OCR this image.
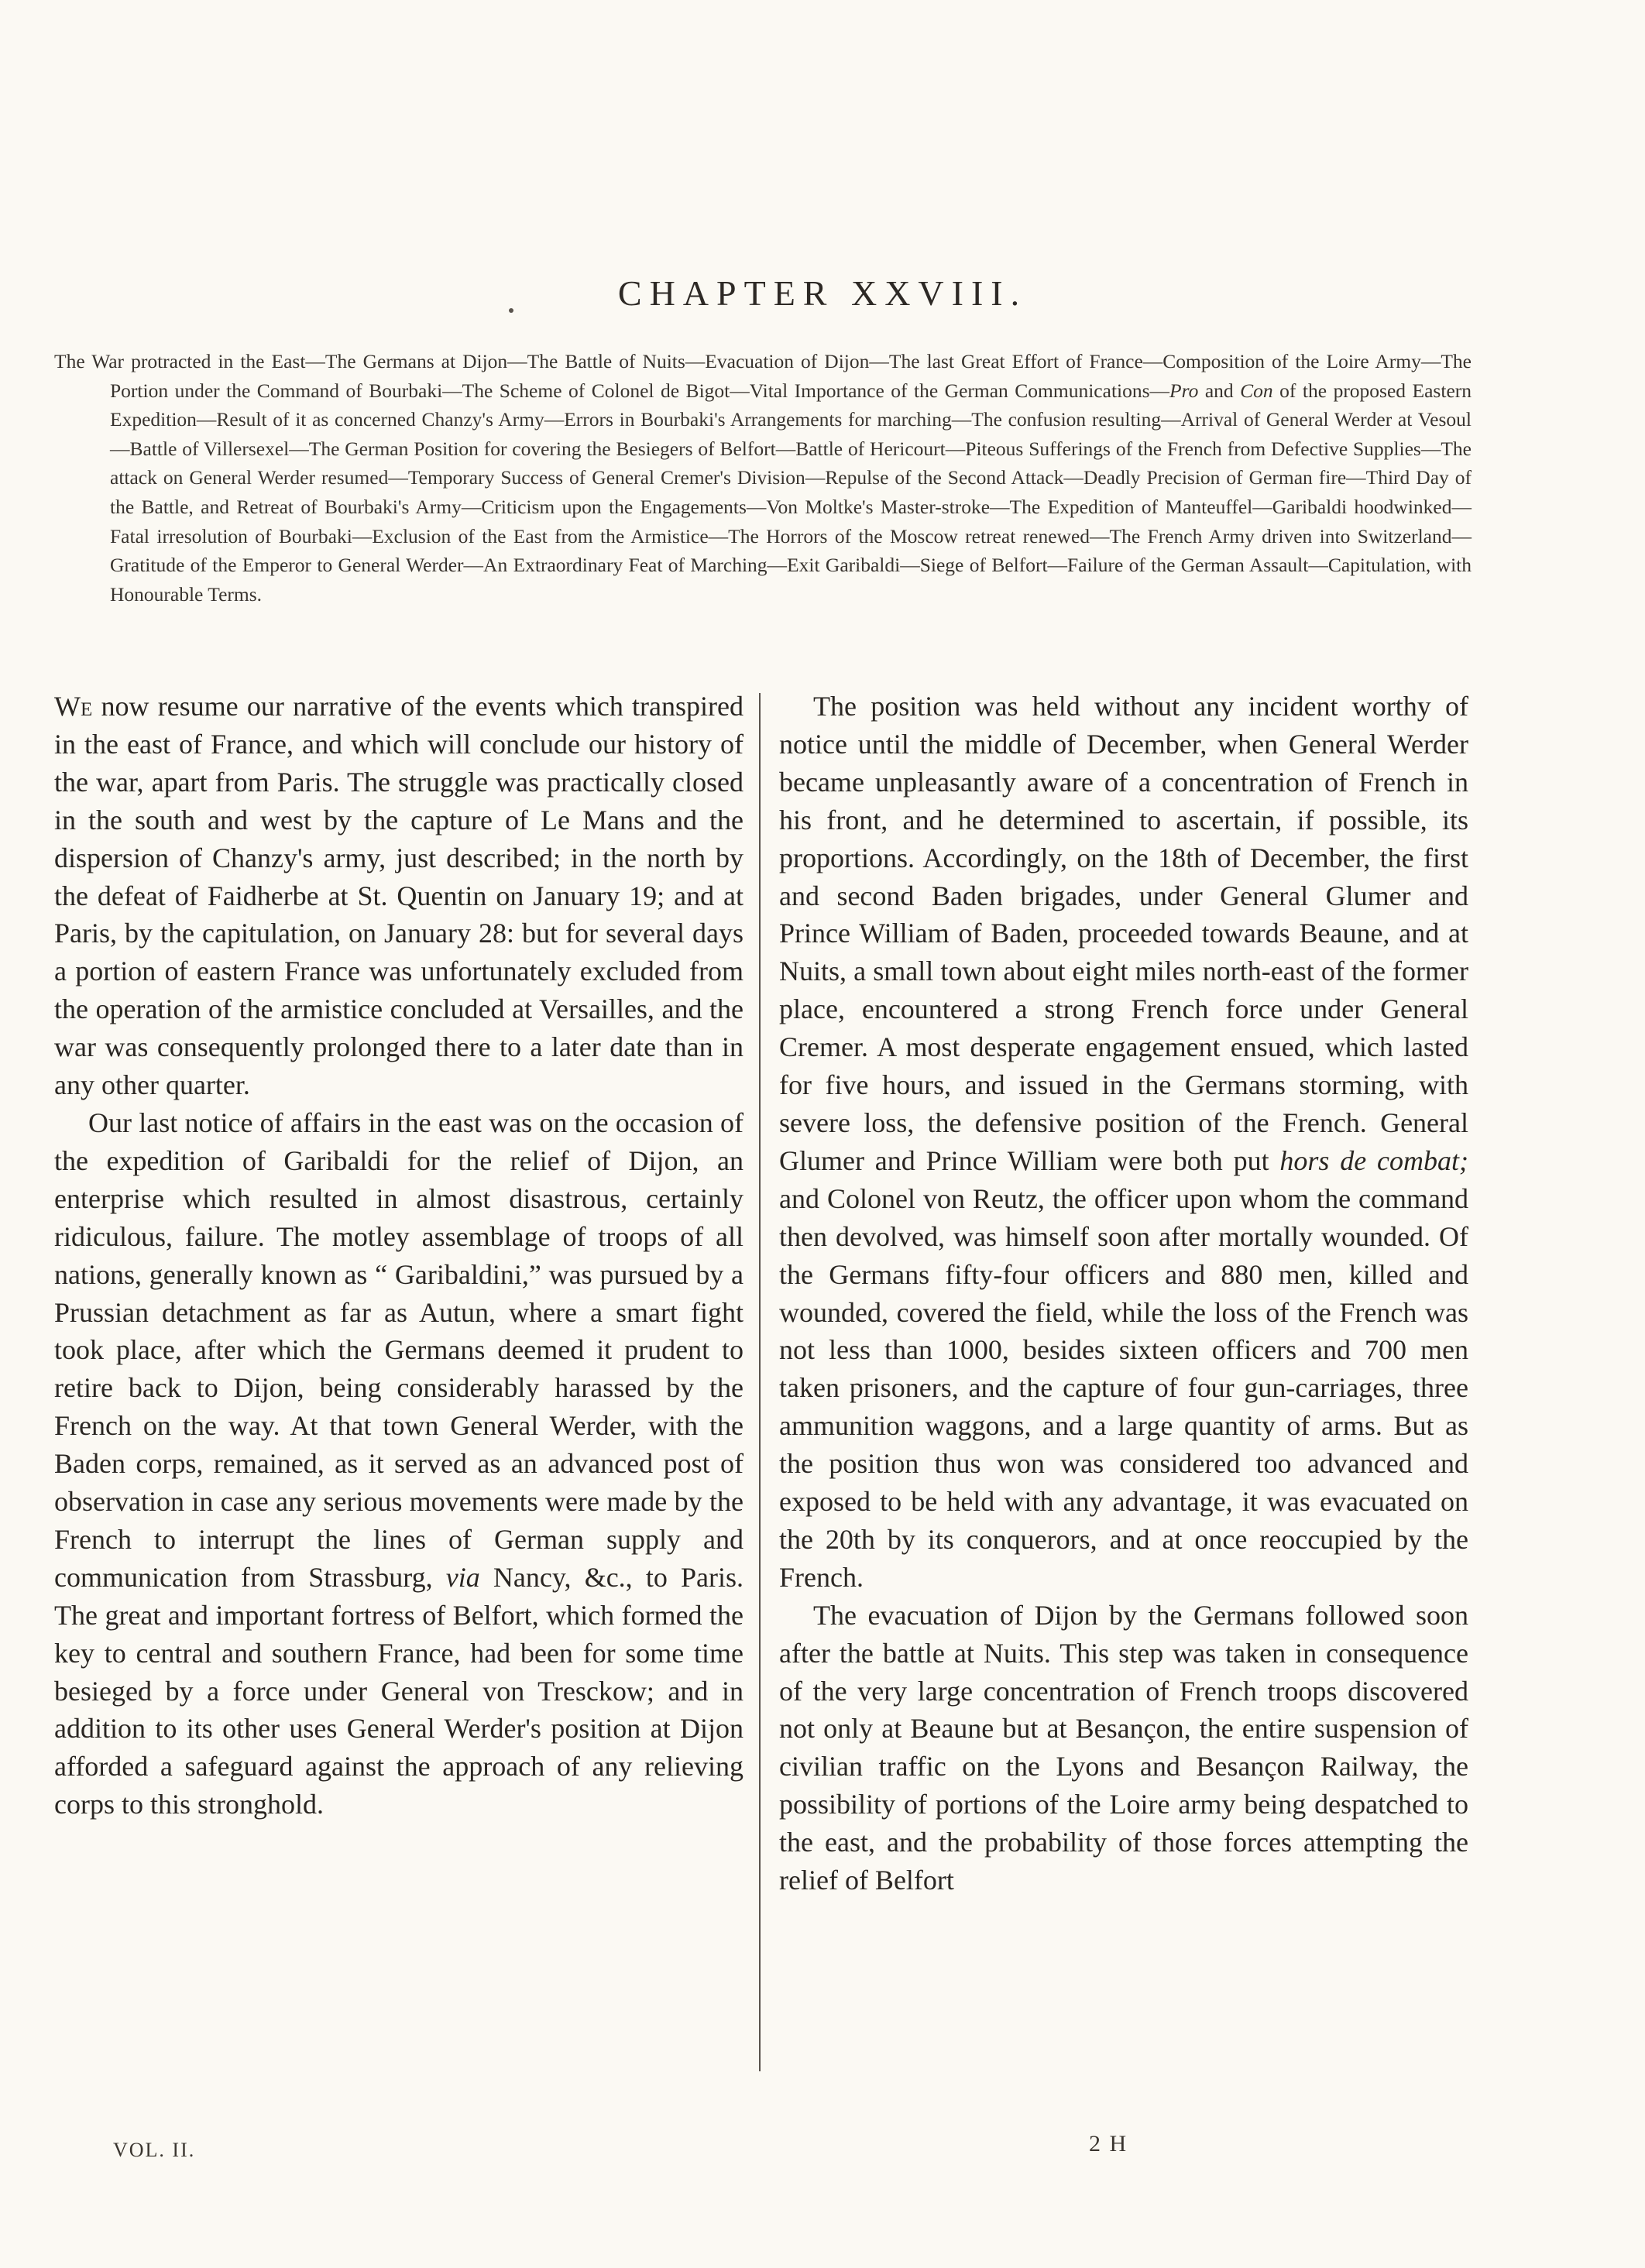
CHAPTER XXVIII.
The War protracted in the East—The Germans at Dijon—The Battle of Nuits—Evacuation of Dijon—The last Great Effort of France—Composition of the Loire Army—The Portion under the Command of Bourbaki—The Scheme of Colonel de Bigot—Vital Importance of the German Communications—Pro and Con of the proposed Eastern Expedition—Result of it as concerned Chanzy's Army—Errors in Bourbaki's Arrangements for marching—The confusion resulting—Arrival of General Werder at Vesoul—Battle of Villersexel—The German Position for covering the Besiegers of Belfort—Battle of Hericourt—Piteous Sufferings of the French from Defective Supplies—The attack on General Werder resumed—Temporary Success of General Cremer's Division—Repulse of the Second Attack—Deadly Precision of German fire—Third Day of the Battle, and Retreat of Bourbaki's Army—Criticism upon the Engagements—Von Moltke's Master-stroke—The Expedition of Manteuffel—Garibaldi hoodwinked—Fatal irresolution of Bourbaki—Exclusion of the East from the Armistice—The Horrors of the Moscow retreat renewed—The French Army driven into Switzerland—Gratitude of the Emperor to General Werder—An Extraordinary Feat of Marching—Exit Garibaldi—Siege of Belfort—Failure of the German Assault—Capitulation, with Honourable Terms.

We now resume our narrative of the events which transpired in the east of France, and which will conclude our history of the war, apart from Paris. The struggle was practically closed in the south and west by the capture of Le Mans and the dispersion of Chanzy's army, just described; in the north by the defeat of Faidherbe at St. Quentin on January 19; and at Paris, by the capitulation, on January 28: but for several days a portion of eastern France was unfortunately excluded from the operation of the armistice concluded at Versailles, and the war was consequently prolonged there to a later date than in any other quarter.

Our last notice of affairs in the east was on the occasion of the expedition of Garibaldi for the relief of Dijon, an enterprise which resulted in almost disastrous, certainly ridiculous, failure. The motley assemblage of troops of all nations, generally known as “ Garibaldini,” was pursued by a Prussian detachment as far as Autun, where a smart fight took place, after which the Germans deemed it prudent to retire back to Dijon, being considerably harassed by the French on the way. At that town General Werder, with the Baden corps, remained, as it served as an advanced post of observation in case any serious movements were made by the French to interrupt the lines of German supply and communication from Strassburg, via Nancy, &c., to Paris. The great and important fortress of Belfort, which formed the key to central and southern France, had been for some time besieged by a force under General von Tresckow; and in addition to its other uses General Werder's position at Dijon afforded a safeguard against the approach of any relieving corps to this stronghold.

The position was held without any incident worthy of notice until the middle of December, when General Werder became unpleasantly aware of a concentration of French in his front, and he determined to ascertain, if possible, its proportions. Accordingly, on the 18th of December, the first and second Baden brigades, under General Glumer and Prince William of Baden, proceeded towards Beaune, and at Nuits, a small town about eight miles north-east of the former place, encountered a strong French force under General Cremer. A most desperate engagement ensued, which lasted for five hours, and issued in the Germans storming, with severe loss, the defensive position of the French. General Glumer and Prince William were both put hors de combat; and Colonel von Reutz, the officer upon whom the command then devolved, was himself soon after mortally wounded. Of the Germans fifty-four officers and 880 men, killed and wounded, covered the field, while the loss of the French was not less than 1000, besides sixteen officers and 700 men taken prisoners, and the capture of four gun-carriages, three ammunition waggons, and a large quantity of arms. But as the position thus won was considered too advanced and exposed to be held with any advantage, it was evacuated on the 20th by its conquerors, and at once reoccupied by the French.

The evacuation of Dijon by the Germans followed soon after the battle at Nuits. This step was taken in consequence of the very large concentration of French troops discovered not only at Beaune but at Besançon, the entire suspension of civilian traffic on the Lyons and Besançon Railway, the possibility of portions of the Loire army being despatched to the east, and the probability of those forces attempting the relief of Belfort

VOL. II.	2 H
